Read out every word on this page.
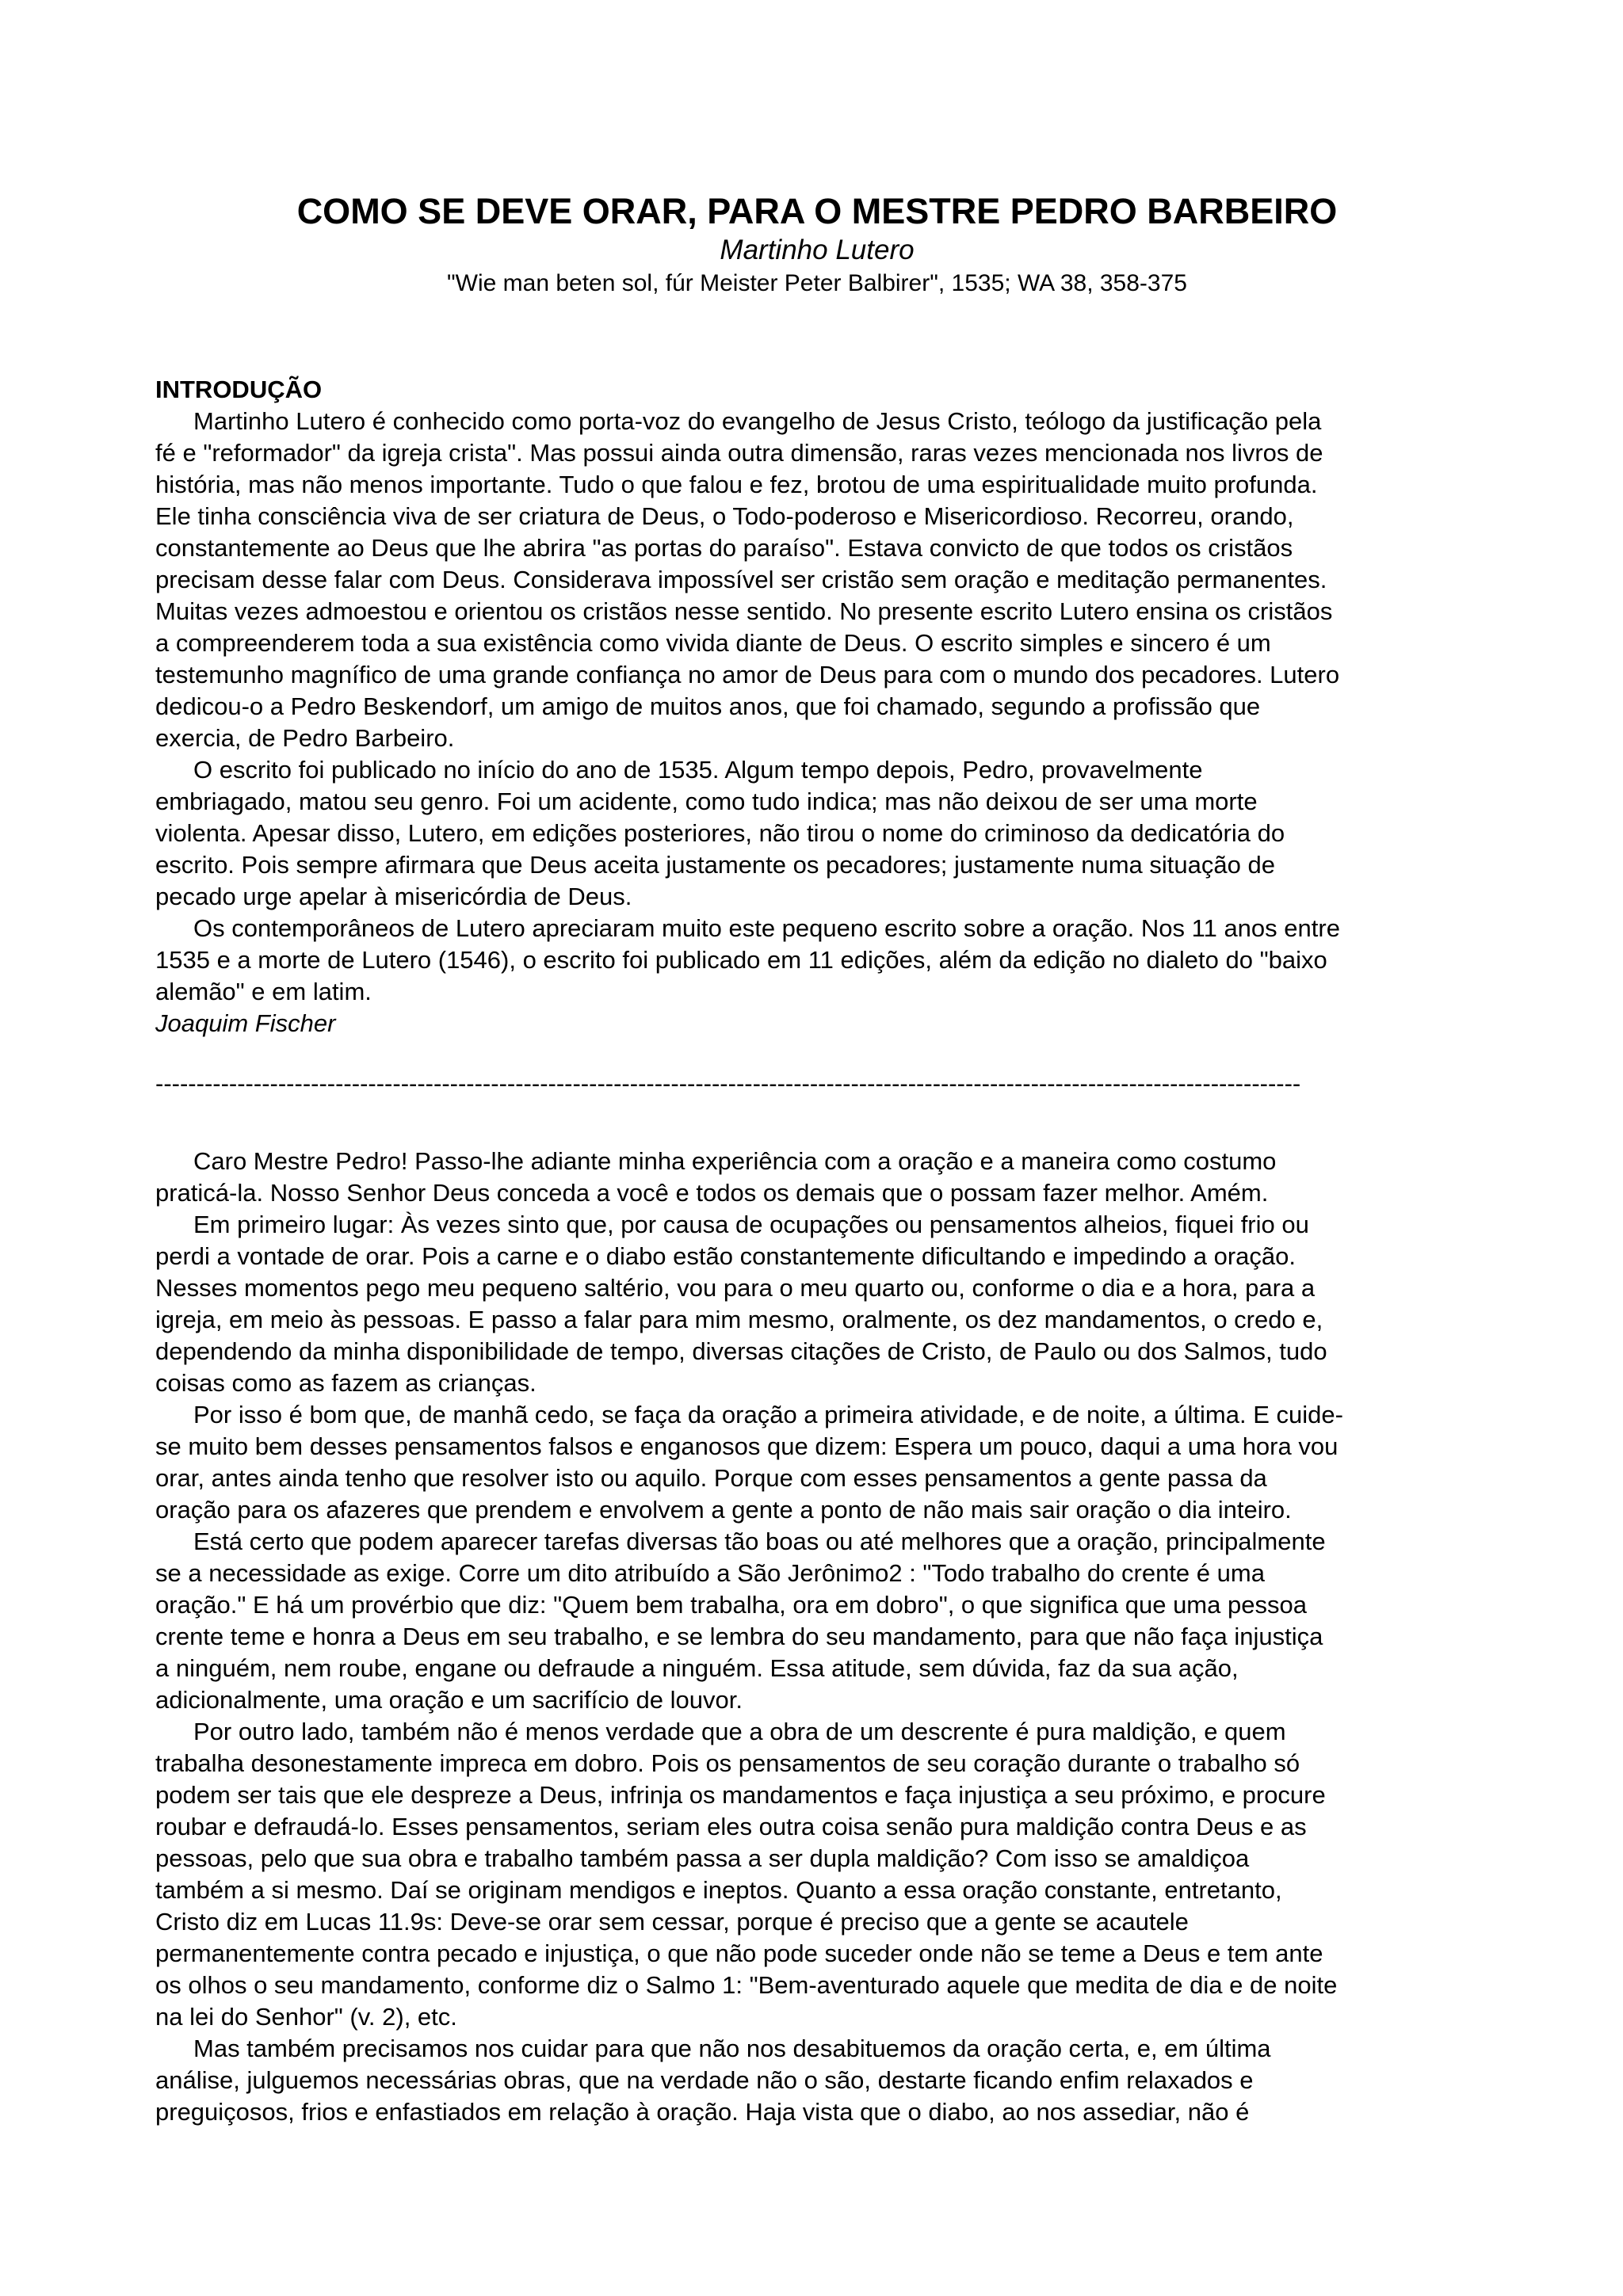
COMO SE DEVE ORAR, PARA O MESTRE PEDRO BARBEIRO

Martinho Lutero

"Wie man beten sol, fúr Meister Peter Balbirer", 1535; WA 38, 358-375

INTRODUÇÃO

Martinho Lutero é conhecido como porta-voz do evangelho de Jesus Cristo, teólogo da justificação pela
fé e "reformador" da igreja crista". Mas possui ainda outra dimensão, raras vezes mencionada nos livros de
história, mas não menos importante. Tudo o que falou e fez, brotou de uma espiritualidade muito profunda.
Ele tinha consciência viva de ser criatura de Deus, o Todo-poderoso e Misericordioso. Recorreu, orando,
constantemente ao Deus que lhe abrira "as portas do paraíso". Estava convicto de que todos os cristãos
precisam desse falar com Deus. Considerava impossível ser cristão sem oração e meditação permanentes.
Muitas vezes admoestou e orientou os cristãos nesse sentido. No presente escrito Lutero ensina os cristãos
a compreenderem toda a sua existência como vivida diante de Deus. O escrito simples e sincero é um
testemunho magnífico de uma grande confiança no amor de Deus para com o mundo dos pecadores. Lutero
dedicou-o a Pedro Beskendorf, um amigo de muitos anos, que foi chamado, segundo a profissão que
exercia, de Pedro Barbeiro.

O escrito foi publicado no início do ano de 1535. Algum tempo depois, Pedro, provavelmente
embriagado, matou seu genro. Foi um acidente, como tudo indica; mas não deixou de ser uma morte
violenta. Apesar disso, Lutero, em edições posteriores, não tirou o nome do criminoso da dedicatória do
escrito. Pois sempre afirmara que Deus aceita justamente os pecadores; justamente numa situação de
pecado urge apelar à misericórdia de Deus.

Os contemporâneos de Lutero apreciaram muito este pequeno escrito sobre a oração. Nos 11 anos entre
1535 e a morte de Lutero (1546), o escrito foi publicado em 11 edições, além da edição no dialeto do "baixo
alemão" e em latim.

Joaquim Fischer

--------------------------------------------------------------------------------------------------------------------------------------------

Caro Mestre Pedro! Passo-lhe adiante minha experiência com a oração e a maneira como costumo
praticá-la. Nosso Senhor Deus conceda a você e todos os demais que o possam fazer melhor. Amém.

Em primeiro lugar: Às vezes sinto que, por causa de ocupações ou pensamentos alheios, fiquei frio ou
perdi a vontade de orar. Pois a carne e o diabo estão constantemente dificultando e impedindo a oração.
Nesses momentos pego meu pequeno saltério, vou para o meu quarto ou, conforme o dia e a hora, para a
igreja, em meio às pessoas. E passo a falar para mim mesmo, oralmente, os dez mandamentos, o credo e,
dependendo da minha disponibilidade de tempo, diversas citações de Cristo, de Paulo ou dos Salmos, tudo
coisas como as fazem as crianças.

Por isso é bom que, de manhã cedo, se faça da oração a primeira atividade, e de noite, a última. E cuide-
se muito bem desses pensamentos falsos e enganosos que dizem: Espera um pouco, daqui a uma hora vou
orar, antes ainda tenho que resolver isto ou aquilo. Porque com esses pensamentos a gente passa da
oração para os afazeres que prendem e envolvem a gente a ponto de não mais sair oração o dia inteiro.

Está certo que podem aparecer tarefas diversas tão boas ou até melhores que a oração, principalmente
se a necessidade as exige. Corre um dito atribuído a São Jerônimo2 : "Todo trabalho do crente é uma
oração." E há um provérbio que diz: "Quem bem trabalha, ora em dobro", o que significa que uma pessoa
crente teme e honra a Deus em seu trabalho, e se lembra do seu mandamento, para que não faça injustiça
a ninguém, nem roube, engane ou defraude a ninguém. Essa atitude, sem dúvida, faz da sua ação,
adicionalmente, uma oração e um sacrifício de louvor.

Por outro lado, também não é menos verdade que a obra de um descrente é pura maldição, e quem
trabalha desonestamente impreca em dobro. Pois os pensamentos de seu coração durante o trabalho só
podem ser tais que ele despreze a Deus, infrinja os mandamentos e faça injustiça a seu próximo, e procure
roubar e defraudá-lo. Esses pensamentos, seriam eles outra coisa senão pura maldição contra Deus e as
pessoas, pelo que sua obra e trabalho também passa a ser dupla maldição? Com isso se amaldiçoa
também a si mesmo. Daí se originam mendigos e ineptos. Quanto a essa oração constante, entretanto,
Cristo diz em Lucas 11.9s: Deve-se orar sem cessar, porque é preciso que a gente se acautele
permanentemente contra pecado e injustiça, o que não pode suceder onde não se teme a Deus e tem ante
os olhos o seu mandamento, conforme diz o Salmo 1: "Bem-aventurado aquele que medita de dia e de noite
na lei do Senhor" (v. 2), etc.

Mas também precisamos nos cuidar para que não nos desabituemos da oração certa, e, em última
análise, julguemos necessárias obras, que na verdade não o são, destarte ficando enfim relaxados e
preguiçosos, frios e enfastiados em relação à oração. Haja vista que o diabo, ao nos assediar, não é
